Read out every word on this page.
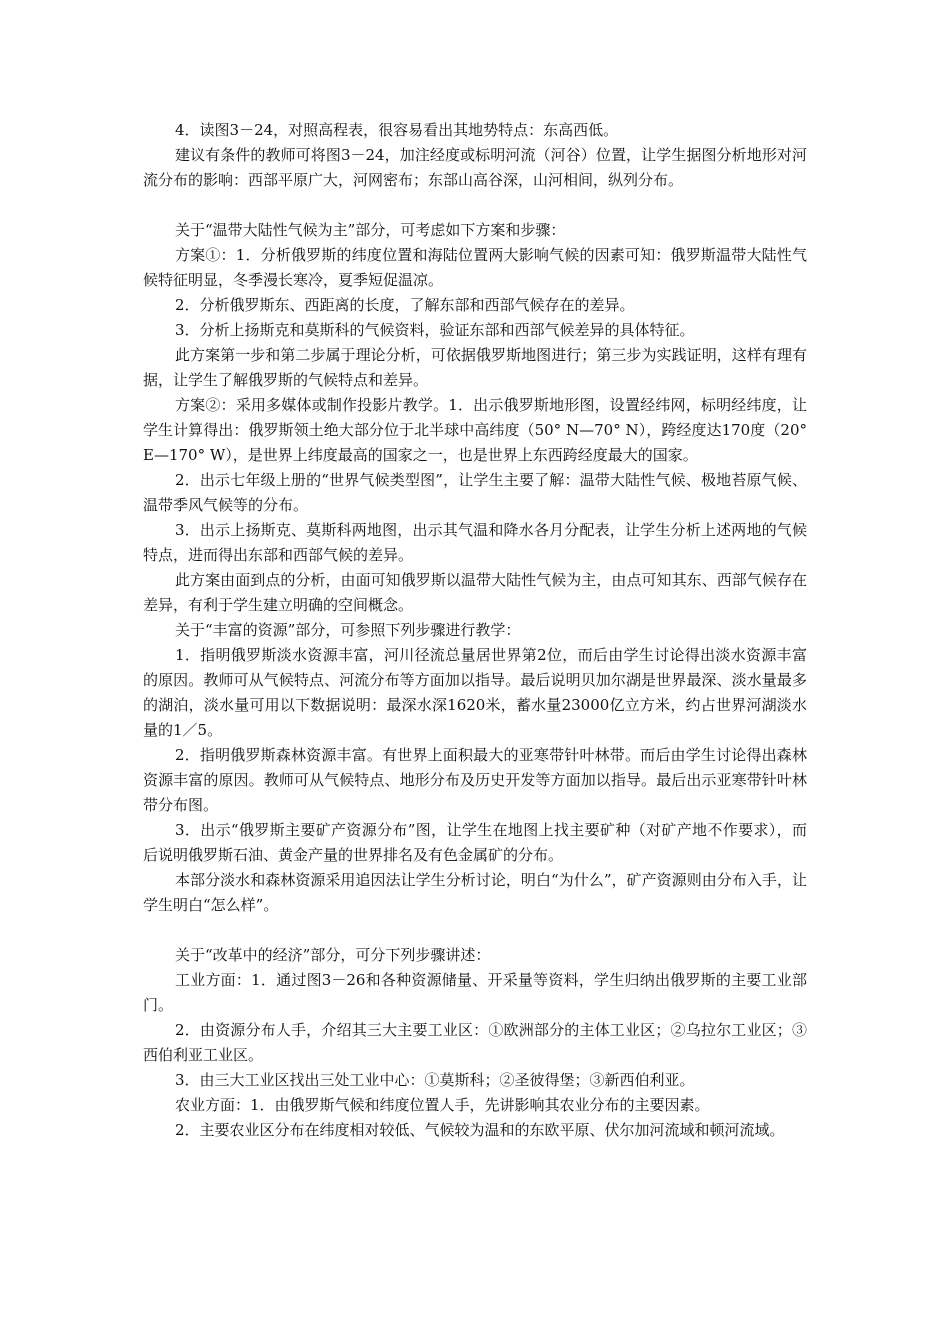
4．读图3－24，对照高程表，很容易看出其地势特点：东高西低。

建议有条件的教师可将图3－24，加注经度或标明河流（河谷）位置，让学生据图分析地形对河流分布的影响：西部平原广大，河网密布；东部山高谷深，山河相间，纵列分布。

关于“温带大陆性气候为主”部分，可考虑如下方案和步骤：

方案①：1．分析俄罗斯的纬度位置和海陆位置两大影响气候的因素可知：俄罗斯温带大陆性气候特征明显，冬季漫长寒冷，夏季短促温凉。

2．分析俄罗斯东、西距离的长度，了解东部和西部气候存在的差异。

3．分析上扬斯克和莫斯科的气候资料，验证东部和西部气候差异的具体特征。

此方案第一步和第二步属于理论分析，可依据俄罗斯地图进行；第三步为实践证明，这样有理有据，让学生了解俄罗斯的气候特点和差异。

方案②：采用多媒体或制作投影片教学。1．出示俄罗斯地形图，设置经纬网，标明经纬度，让学生计算得出：俄罗斯领土绝大部分位于北半球中高纬度（50° N—70° N），跨经度达170度（20° E—170° W），是世界上纬度最高的国家之一，也是世界上东西跨经度最大的国家。

2．出示七年级上册的“世界气候类型图”，让学生主要了解：温带大陆性气候、极地苔原气候、温带季风气候等的分布。

3．出示上扬斯克、莫斯科两地图，出示其气温和降水各月分配表，让学生分析上述两地的气候特点，进而得出东部和西部气候的差异。

此方案由面到点的分析，由面可知俄罗斯以温带大陆性气候为主，由点可知其东、西部气候存在差异，有利于学生建立明确的空间概念。

关于“丰富的资源”部分，可参照下列步骤进行教学：

1．指明俄罗斯淡水资源丰富，河川径流总量居世界第2位，而后由学生讨论得出淡水资源丰富的原因。教师可从气候特点、河流分布等方面加以指导。最后说明贝加尔湖是世界最深、淡水量最多的湖泊，淡水量可用以下数据说明：最深水深1620米，蓄水量23000亿立方米，约占世界河湖淡水量的1／5。

2．指明俄罗斯森林资源丰富。有世界上面积最大的亚寒带针叶林带。而后由学生讨论得出森林资源丰富的原因。教师可从气候特点、地形分布及历史开发等方面加以指导。最后出示亚寒带针叶林带分布图。

3．出示“俄罗斯主要矿产资源分布”图，让学生在地图上找主要矿种（对矿产地不作要求），而后说明俄罗斯石油、黄金产量的世界排名及有色金属矿的分布。

本部分淡水和森林资源采用追因法让学生分析讨论，明白“为什么”，矿产资源则由分布入手，让学生明白“怎么样”。

关于“改革中的经济”部分，可分下列步骤讲述：

工业方面：1．通过图3－26和各种资源储量、开采量等资料，学生归纳出俄罗斯的主要工业部门。

2．由资源分布人手，介绍其三大主要工业区：①欧洲部分的主体工业区；②乌拉尔工业区；③西伯利亚工业区。

3．由三大工业区找出三处工业中心：①莫斯科；②圣彼得堡；③新西伯利亚。

农业方面：1．由俄罗斯气候和纬度位置人手，先讲影响其农业分布的主要因素。

2．主要农业区分布在纬度相对较低、气候较为温和的东欧平原、伏尔加河流域和顿河流域。
